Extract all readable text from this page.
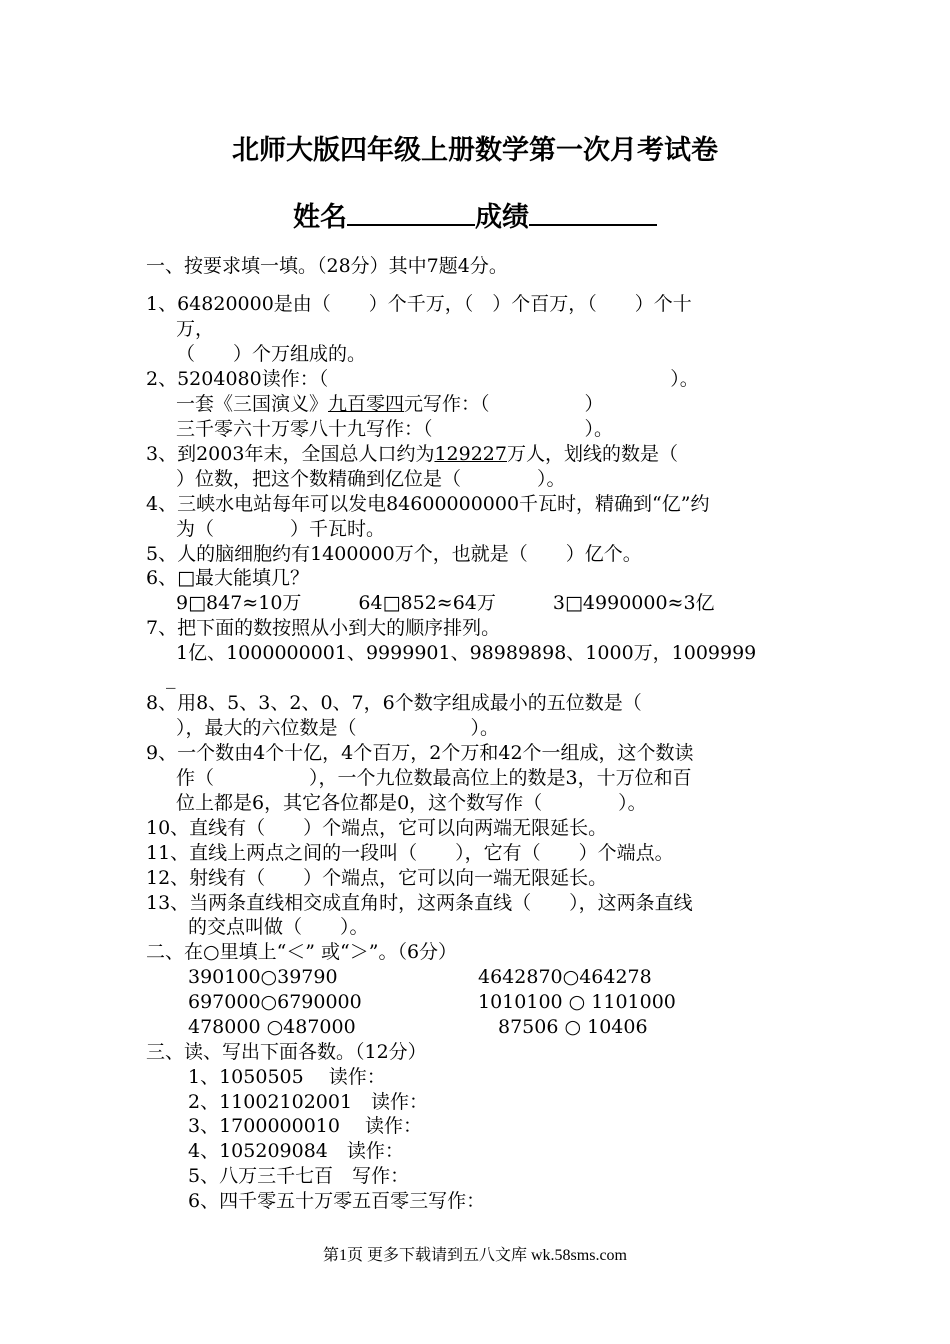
北师大版四年级上册数学第一次月考试卷
姓名	成绩
一、按要求填一填。（28分）其中7题4分。
1、64820000是由（　　）个千万，（　）个百万，（　　）个十
万，
（　　）个万组成的。
2、5204080读作：（　　　　　　　　　　　　　　　　　　）。
一套《三国演义》九百零四元写作：（　　　　　）
三千零六十万零八十九写作：（　　　　　　　　）。
3、到2003年末，全国总人口约为129227万人，划线的数是（
）位数，把这个数精确到亿位是（　　　　）。
4、三峡水电站每年可以发电84600000000千瓦时，精确到“亿”约
为（　　　　）千瓦时。
5、人的脑细胞约有1400000万个，也就是（　　）亿个。
6、□最大能填几？
9□847≈10万　　　64□852≈64万　　　3□4990000≈3亿
7、把下面的数按照从小到大的顺序排列。
1亿、1000000001、9999901、98989898、1000万，1009999
_
8、用8、5、3、2、0、7，6个数字组成最小的五位数是（
），最大的六位数是（　　　　　　）。
9、一个数由4个十亿，4个百万，2个万和42个一组成，这个数读
作（　　　　　），一个九位数最高位上的数是3，十万位和百
位上都是6，其它各位都是0，这个数写作（　　　　）。
10、直线有（　　）个端点，它可以向两端无限延长。
11、直线上两点之间的一段叫（　　），它有（　　）个端点。
12、射线有（　　）个端点，它可以向一端无限延长。
13、当两条直线相交成直角时，这两条直线（　　），这两条直线
的交点叫做（　　）。
二、在○里填上“＜” 或“＞”。（6分）
390100○39790	4642870○464278
697000○6790000	1010100 ○ 1101000
478000 ○487000	87506 ○ 10406
三、读、写出下面各数。（12分）
1、1050505　 读作：
2、11002102001　读作：
3、1700000010　 读作：
4、105209084　读作：
5、八万三千七百　写作：
6、四千零五十万零五百零三写作：
第1页 更多下载请到五八文库 wk.58sms.com
